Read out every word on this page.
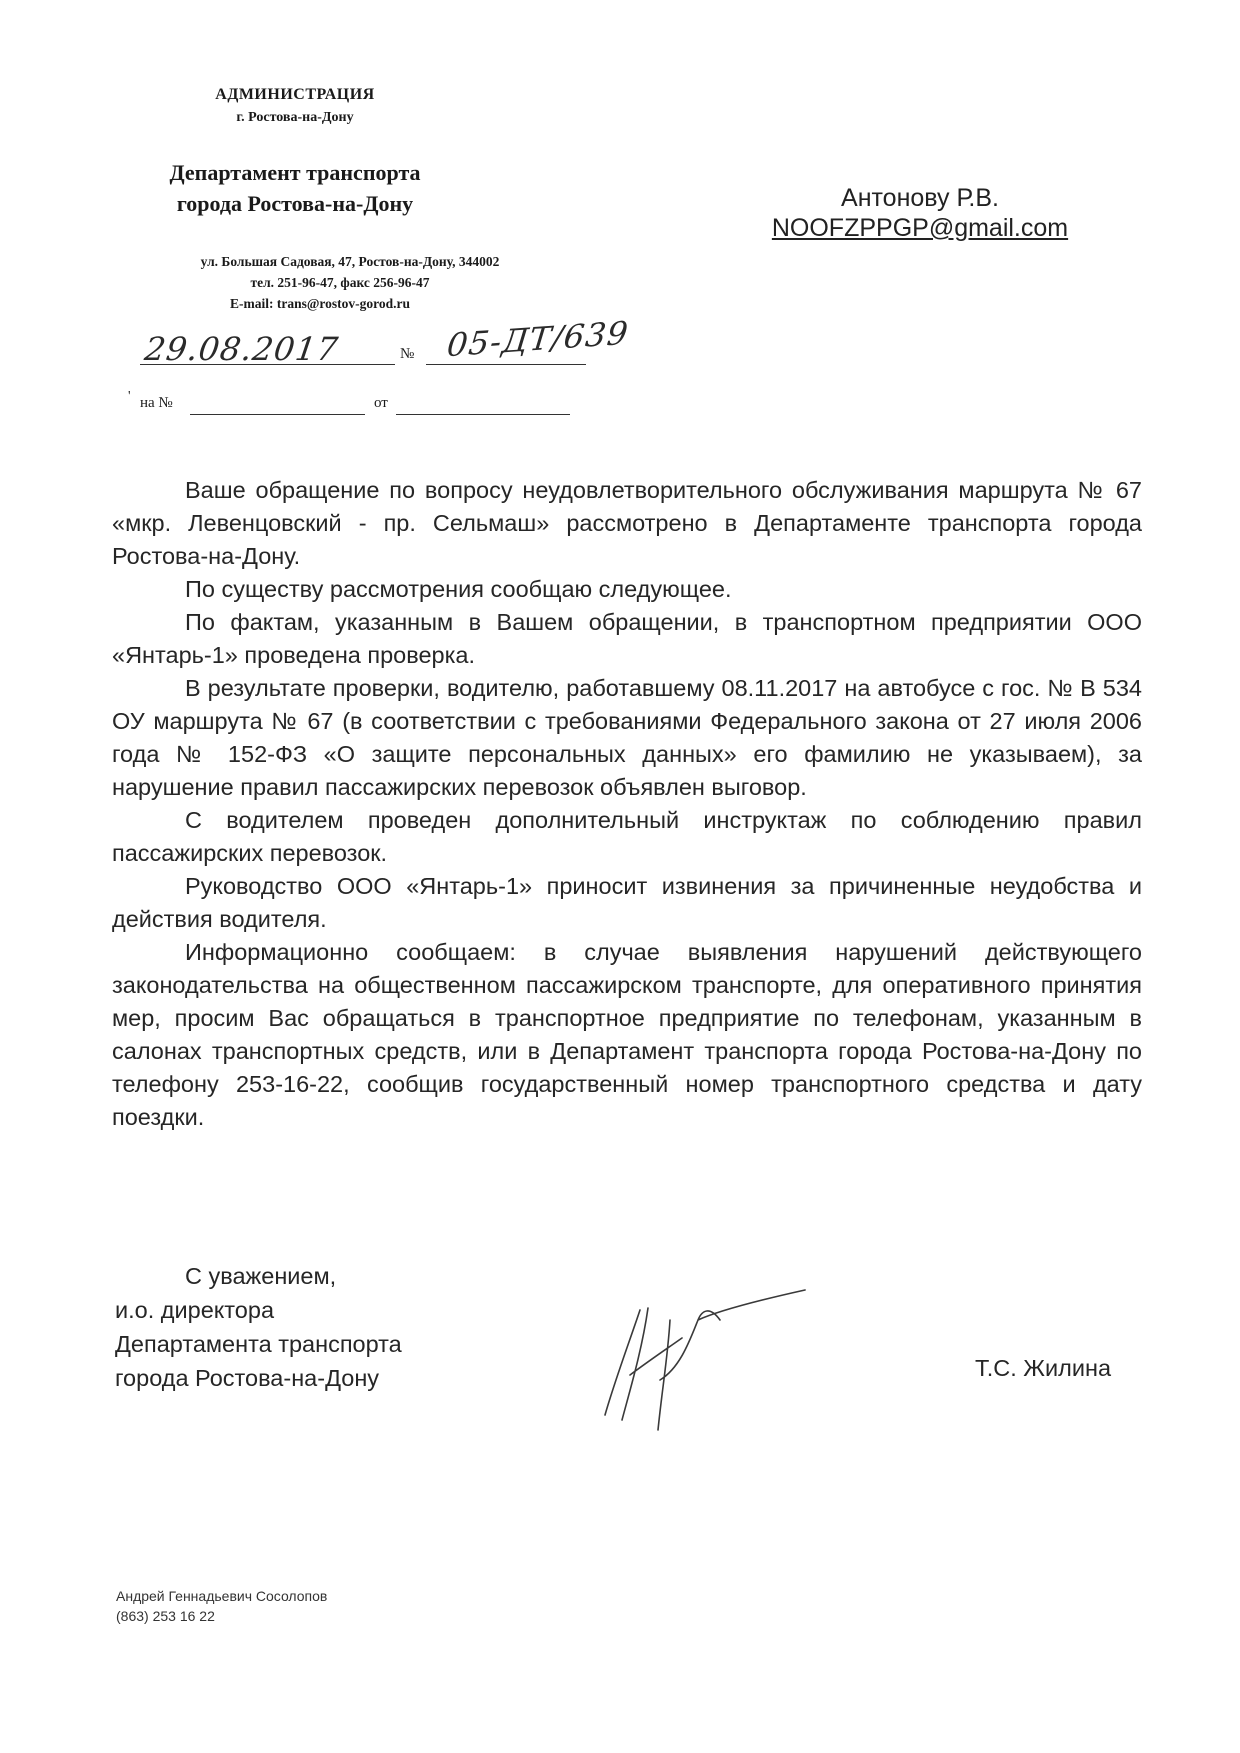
АДМИНИСТРАЦИЯ
г. Ростова-на-Дону
Департамент транспорта
города Ростова-на-Дону
ул. Большая Садовая, 47, Ростов-на-Дону, 344002
тел. 251-96-47, факс 256-96-47
E-mail: trans@rostov-gorod.ru
29.08.2017	№ 05-ДТ/639
' на №	от
Антонову Р.В.
NOOFZPPGP@gmail.com

Ваше обращение по вопросу неудовлетворительного обслуживания маршрута № 67 «мкр. Левенцовский - пр. Сельмаш» рассмотрено в Департаменте транспорта города Ростова-на-Дону.

По существу рассмотрения сообщаю следующее.

По фактам, указанным в Вашем обращении, в транспортном предприятии ООО «Янтарь-1» проведена проверка.

В результате проверки, водителю, работавшему 08.11.2017 на автобусе с гос. № В 534 ОУ маршрута № 67 (в соответствии с требованиями Федерального закона от 27 июля 2006 года № 152-ФЗ «О защите персональных данных» его фамилию не указываем), за нарушение правил пассажирских перевозок объявлен выговор.

С водителем проведен дополнительный инструктаж по соблюдению правил пассажирских перевозок.

Руководство ООО «Янтарь-1» приносит извинения за причиненные неудобства и действия водителя.

Информационно сообщаем: в случае выявления нарушений действующего законодательства на общественном пассажирском транспорте, для оперативного принятия мер, просим Вас обращаться в транспортное предприятие по телефонам, указанным в салонах транспортных средств, или в Департамент транспорта города Ростова-на-Дону по телефону 253-16-22, сообщив государственный номер транспортного средства и дату поездки.

С уважением,
и.о. директора
Департамента транспорта
города Ростова-на-Дону	Т.С. Жилина
Андрей Геннадьевич Сосолопов
(863) 253 16 22
